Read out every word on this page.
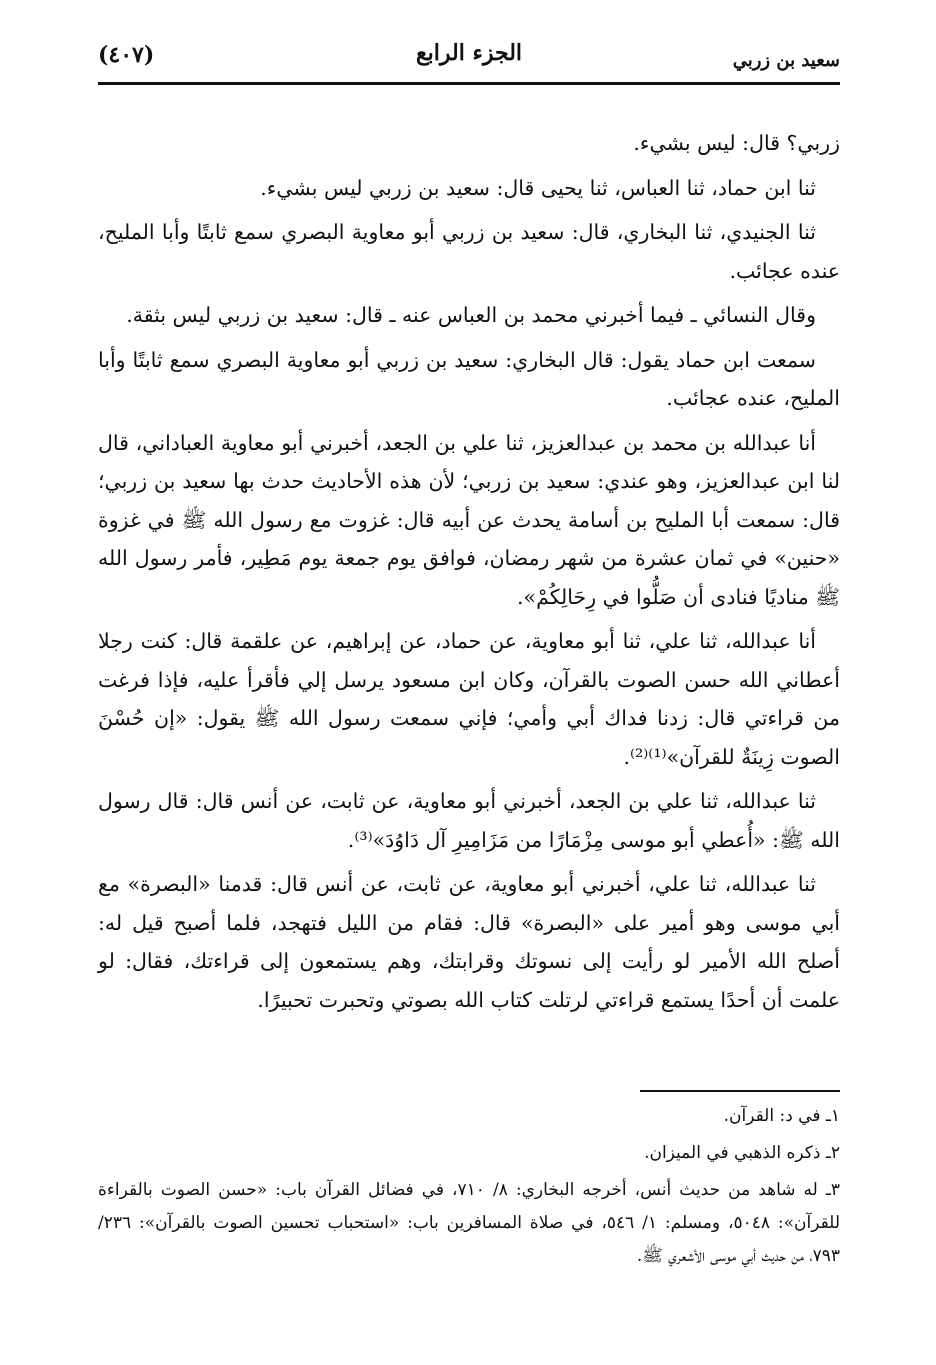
سعيد بن زربي
الجزء الرابع
(٤٠٧)

زربي؟ قال: ليس بشيء.

ثنا ابن حماد، ثنا العباس، ثنا يحيى قال: سعيد بن زربي ليس بشيء.

ثنا الجنيدي، ثنا البخاري، قال: سعيد بن زربي أبو معاوية البصري سمع ثابتًا وأبا المليح، عنده عجائب.

وقال النسائي ـ فيما أخبرني محمد بن العباس عنه ـ قال: سعيد بن زربي ليس بثقة.

سمعت ابن حماد يقول: قال البخاري: سعيد بن زربي أبو معاوية البصري سمع ثابتًا وأبا المليح، عنده عجائب.

أنا عبدالله بن محمد بن عبدالعزيز، ثنا علي بن الجعد، أخبرني أبو معاوية العباداني، قال لنا ابن عبدالعزيز، وهو عندي: سعيد بن زربي؛ لأن هذه الأحاديث حدث بها سعيد بن زربي؛ قال: سمعت أبا المليح بن أسامة يحدث عن أبيه قال: غزوت مع رسول الله ﷺ في غزوة «حنين» في ثمان عشرة من شهر رمضان، فوافق يوم جمعة يوم مَطِير، فأمر رسول الله ﷺ مناديًا فنادى أن صَلُّوا في رِحَالِكُمْ».

أنا عبدالله، ثنا علي، ثنا أبو معاوية، عن حماد، عن إبراهيم، عن علقمة قال: كنت رجلا أعطاني الله حسن الصوت بالقرآن، وكان ابن مسعود يرسل إلي فأقرأ عليه، فإذا فرغت من قراءتي قال: زدنا فداك أبي وأمي؛ فإني سمعت رسول الله ﷺ يقول: «إن حُسْنَ الصوت زِينَةٌ للقرآن»⁽¹⁾⁽²⁾.

ثنا عبدالله، ثنا علي بن الجعد، أخبرني أبو معاوية، عن ثابت، عن أنس قال: قال رسول الله ﷺ: «أُعطي أبو موسى مِزْمَارًا من مَزَامِيرِ آل دَاوُدَ»⁽³⁾.

ثنا عبدالله، ثنا علي، أخبرني أبو معاوية، عن ثابت، عن أنس قال: قدمنا «البصرة» مع أبي موسى وهو أمير على «البصرة» قال: فقام من الليل فتهجد، فلما أصبح قيل له: أصلح الله الأمير لو رأيت إلى نسوتك وقرابتك، وهم يستمعون إلى قراءتك، فقال: لو علمت أن أحدًا يستمع قراءتي لرتلت كتاب الله بصوتي وتحبرت تحبيرًا.

١ـ في د: القرآن.

٢ـ ذكره الذهبي في الميزان.

٣ـ له شاهد من حديث أنس، أخرجه البخاري: ٨/ ٧١٠، في فضائل القرآن باب: «حسن الصوت بالقراءة للقرآن»: ٥٠٤٨، ومسلم: ١/ ٥٤٦، في صلاة المسافرين باب: «استحباب تحسين الصوت بالقرآن»: ٢٣٦/ ٧٩٣، من حديث أبي موسى الأشعري ﷺ.
